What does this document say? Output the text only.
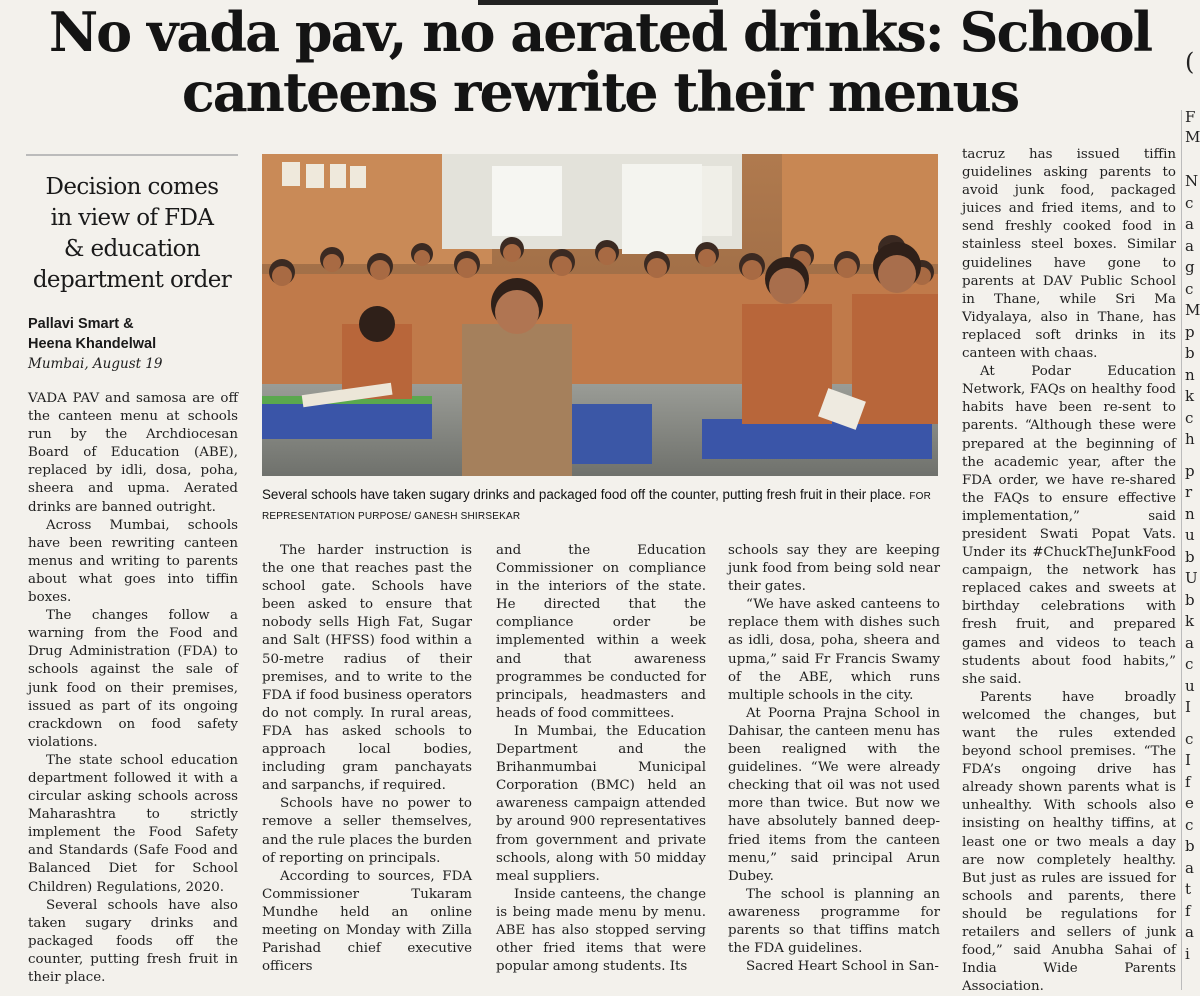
No vada pav, no aerated drinks: School
canteens rewrite their menus
Decision comes
in view of FDA
& education
department order
Pallavi Smart &
Heena Khandelwal
Mumbai, August 19
Several schools have taken sugary drinks and packaged food off the counter, putting fresh fruit in their place. FOR REPRESENTATION PURPOSE/ GANESH SHIRSEKAR

VADA PAV and samosa are off the canteen menu at schools run by the Archdiocesan Board of Education (ABE), replaced by idli, dosa, poha, sheera and upma. Aerated drinks are banned outright.

Across Mumbai, schools have been rewriting canteen menus and writing to parents about what goes into tiffin boxes.

The changes follow a warning from the Food and Drug Administration (FDA) to schools against the sale of junk food on their premises, issued as part of its ongoing crackdown on food safety violations.

The state school education department followed it with a circular asking schools across Maharashtra to strictly implement the Food Safety and Standards (Safe Food and Balanced Diet for School Children) Regulations, 2020.

Several schools have also taken sugary drinks and packaged foods off the counter, putting fresh fruit in their place.

The harder instruction is the one that reaches past the school gate. Schools have been asked to ensure that nobody sells High Fat, Sugar and Salt (HFSS) food within a 50-metre radius of their premises, and to write to the FDA if food business operators do not comply. In rural areas, FDA has asked schools to approach local bodies, including gram panchayats and sarpanchs, if required.

Schools have no power to remove a seller themselves, and the rule places the burden of reporting on principals.

According to sources, FDA Commissioner Tukaram Mundhe held an online meeting on Monday with Zilla Parishad chief executive officers

and the Education Commissioner on compliance in the interiors of the state. He directed that the compliance order be implemented within a week and that awareness programmes be conducted for principals, headmasters and heads of food committees.

In Mumbai, the Education Department and the Brihanmumbai Municipal Corporation (BMC) held an awareness campaign attended by around 900 representatives from government and private schools, along with 50 midday meal suppliers.

Inside canteens, the change is being made menu by menu. ABE has also stopped serving other fried items that were popular among students. Its

schools say they are keeping junk food from being sold near their gates.

“We have asked canteens to replace them with dishes such as idli, dosa, poha, sheera and upma,” said Fr Francis Swamy of the ABE, which runs multiple schools in the city.

At Poorna Prajna School in Dahisar, the canteen menu has been realigned with the guidelines. “We were already checking that oil was not used more than twice. But now we have absolutely banned deep-fried items from the canteen menu,” said principal Arun Dubey.

The school is planning an awareness programme for parents so that tiffins match the FDA guidelines.

Sacred Heart School in San-

tacruz has issued tiffin guidelines asking parents to avoid junk food, packaged juices and fried items, and to send freshly cooked food in stainless steel boxes. Similar guidelines have gone to parents at DAV Public School in Thane, while Sri Ma Vidyalaya, also in Thane, has replaced soft drinks in its canteen with chaas.

At Podar Education Network, FAQs on healthy food habits have been re-sent to parents. “Although these were prepared at the beginning of the academic year, after the FDA order, we have re-shared the FAQs to ensure effective implementation,” said president Swati Popat Vats. Under its #ChuckTheJunkFood campaign, the network has replaced cakes and sweets at birthday celebrations with fresh fruit, and prepared games and videos to teach students about food habits,” she said.

Parents have broadly welcomed the changes, but want the rules extended beyond school premises. “The FDA’s ongoing drive has already shown parents what is unhealthy. With schools also insisting on healthy tiffins, at least one or two meals a day are now completely healthy. But just as rules are issued for schools and parents, there should be regulations for retailers and sellers of junk food,” said Anubha Sahai of India Wide Parents Association.

(
F
M
N
c
a
a
g
c
M
p
b
n
k
c
h
p
r
n
u
b
U
b
k
a
c
u
I
c
I
f
e
c
b
a
t
f
a
i
